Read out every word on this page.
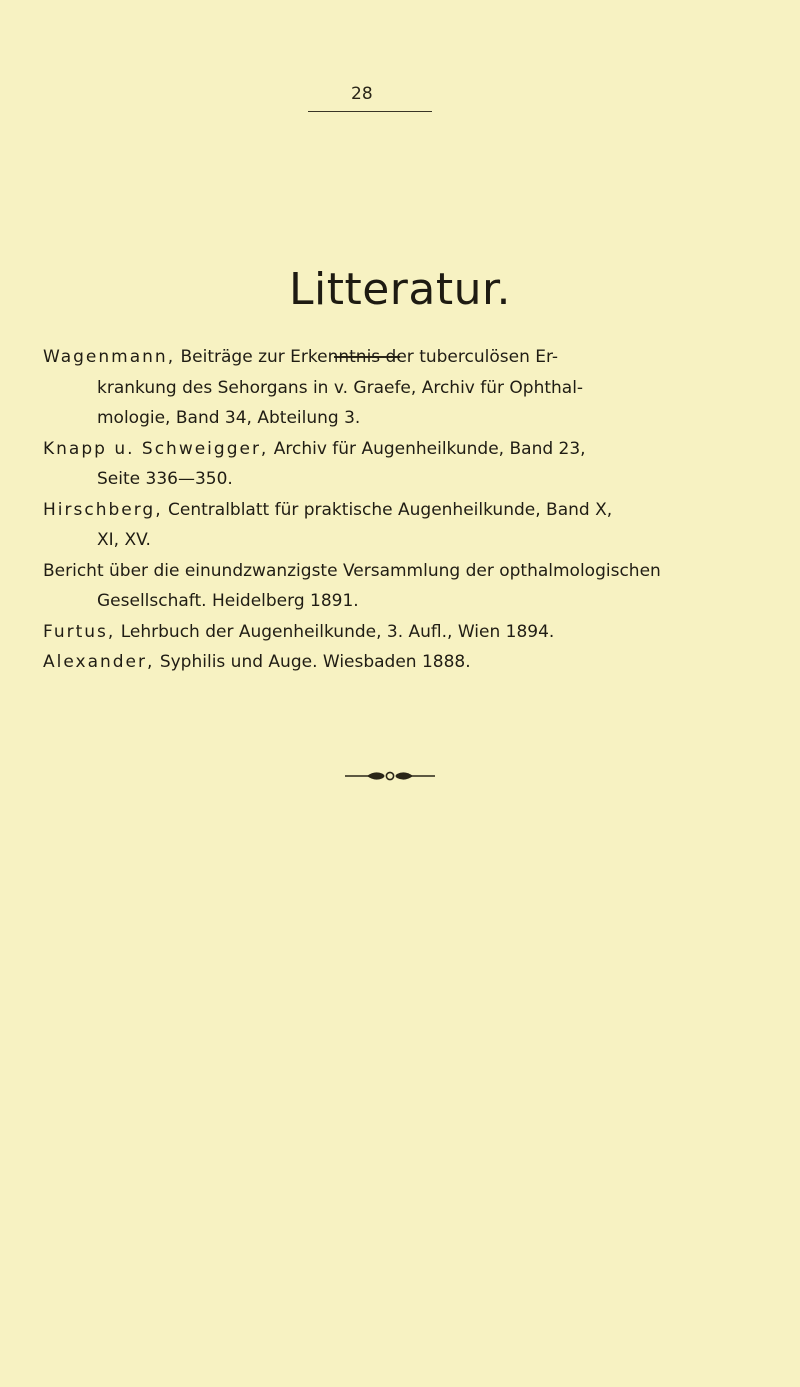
28
Litteratur.
Wagenmann, Beiträge zur Erkenntnis der tuberculösen Er-
krankung des Sehorgans in v. Graefe, Archiv für Ophthal-
mologie, Band 34, Abteilung 3.
Knapp u. Schweigger, Archiv für Augenheilkunde, Band 23,
Seite 336—350.
Hirschberg, Centralblatt für praktische Augenheilkunde, Band X,
XI, XV.
Bericht über die einundzwanzigste Versammlung der opthalmologischen
Gesellschaft. Heidelberg 1891.
Furtus, Lehrbuch der Augenheilkunde, 3. Aufl., Wien 1894.
Alexander, Syphilis und Auge. Wiesbaden 1888.
